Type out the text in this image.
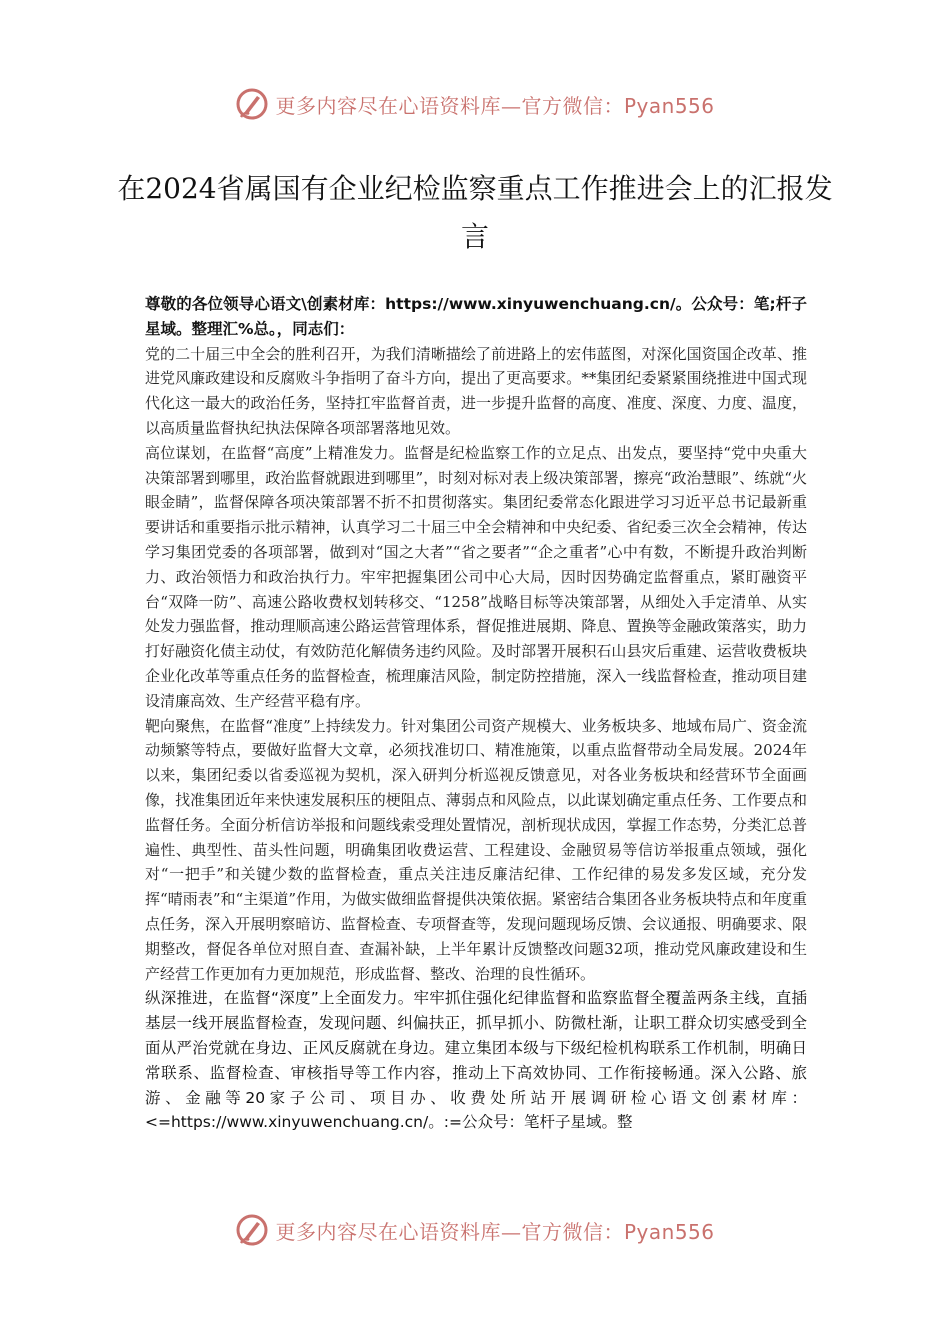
更多内容尽在心语资料库—官方微信：Pyan556
在2024省属国有企业纪检监察重点工作推进会上的汇报发言

尊敬的各位领导心语文\创素材库：https://www.xinyuwenchuang.cn/。公众号：笔;杆子星域。整理汇%总。，同志们：

党的二十届三中全会的胜利召开，为我们清晰描绘了前进路上的宏伟蓝图，对深化国资国企改革、推进党风廉政建设和反腐败斗争指明了奋斗方向，提出了更高要求。**集团纪委紧紧围绕推进中国式现代化这一最大的政治任务，坚持扛牢监督首责，进一步提升监督的高度、准度、深度、力度、温度，以高质量监督执纪执法保障各项部署落地见效。

高位谋划，在监督“高度”上精准发力。监督是纪检监察工作的立足点、出发点，要坚持“党中央重大决策部署到哪里，政治监督就跟进到哪里”，时刻对标对表上级决策部署，擦亮“政治慧眼”、练就“火眼金睛”，监督保障各项决策部署不折不扣贯彻落实。集团纪委常态化跟进学习习近平总书记最新重要讲话和重要指示批示精神，认真学习二十届三中全会精神和中央纪委、省纪委三次全会精神，传达学习集团党委的各项部署，做到对“国之大者”“省之要者”“企之重者”心中有数，不断提升政治判断力、政治领悟力和政治执行力。牢牢把握集团公司中心大局，因时因势确定监督重点，紧盯融资平台“双降一防”、高速公路收费权划转移交、“1258”战略目标等决策部署，从细处入手定清单、从实处发力强监督，推动理顺高速公路运营管理体系，督促推进展期、降息、置换等金融政策落实，助力打好融资化债主动仗，有效防范化解债务违约风险。及时部署开展积石山县灾后重建、运营收费板块企业化改革等重点任务的监督检查，梳理廉洁风险，制定防控措施，深入一线监督检查，推动项目建设清廉高效、生产经营平稳有序。

靶向聚焦，在监督“准度”上持续发力。针对集团公司资产规模大、业务板块多、地域布局广、资金流动频繁等特点，要做好监督大文章，必须找准切口、精准施策，以重点监督带动全局发展。2024年以来，集团纪委以省委巡视为契机，深入研判分析巡视反馈意见，对各业务板块和经营环节全面画像，找准集团近年来快速发展积压的梗阻点、薄弱点和风险点，以此谋划确定重点任务、工作要点和监督任务。全面分析信访举报和问题线索受理处置情况，剖析现状成因，掌握工作态势，分类汇总普遍性、典型性、苗头性问题，明确集团收费运营、工程建设、金融贸易等信访举报重点领域，强化对“一把手”和关键少数的监督检查，重点关注违反廉洁纪律、工作纪律的易发多发区域，充分发挥“晴雨表”和“主渠道”作用，为做实做细监督提供决策依据。紧密结合集团各业务板块特点和年度重点任务，深入开展明察暗访、监督检查、专项督查等，发现问题现场反馈、会议通报、明确要求、限期整改，督促各单位对照自查、查漏补缺，上半年累计反馈整改问题32项，推动党风廉政建设和生产经营工作更加有力更加规范，形成监督、整改、治理的良性循环。

纵深推进，在监督“深度”上全面发力。牢牢抓住强化纪律监督和监察监督全覆盖两条主线，直插基层一线开展监督检查，发现问题、纠偏扶正，抓早抓小、防微杜渐，让职工群众切实感受到全面从严治党就在身边、正风反腐就在身边。建立集团本级与下级纪检机构联系工作机制，明确日常联系、监督检查、审核指导等工作内容，推动上下高效协同、工作衔接畅通。深入公路、旅游、金融等20家子公司、项目办、收费处所站开展调研检心语文创素材库：<=https://www.xinyuwenchuang.cn/。:=公众号：笔杆子星域。整

更多内容尽在心语资料库—官方微信：Pyan556
